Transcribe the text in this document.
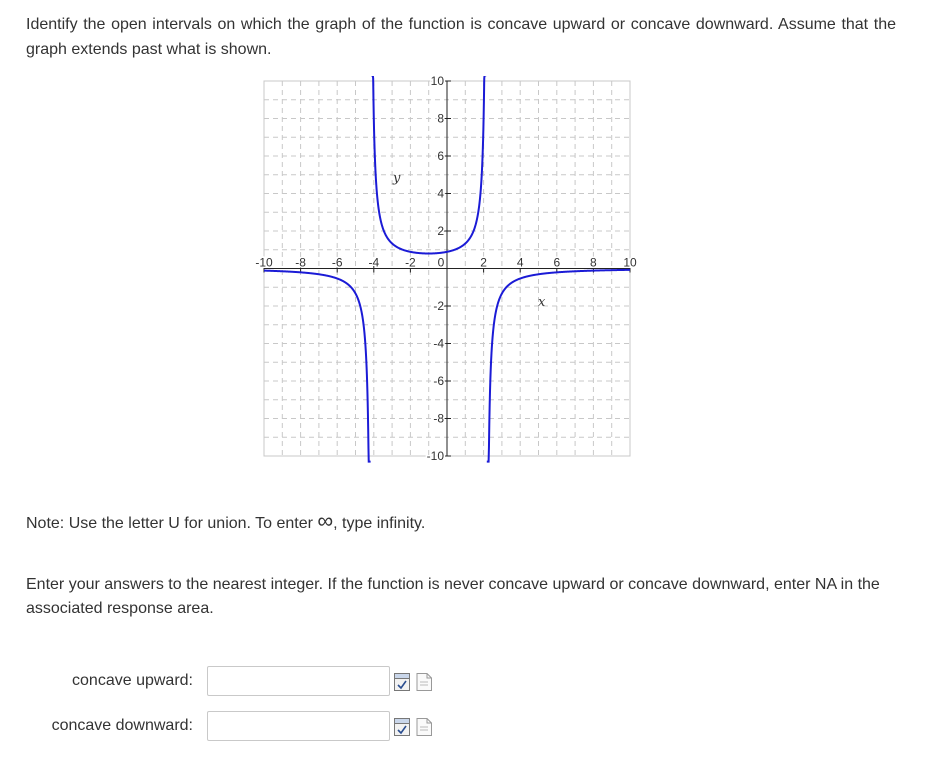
Identify the open intervals on which the graph of the function is concave upward or concave downward. Assume that the graph extends past what is shown.
-10 -8 -6 -4 -2 0	2 4 6 8 10
10
8
6
4
2
-2
-4
-6
-8
-10
x
y
Note: Use the letter U for union. To enter ∞, type infinity.
Enter your answers to the nearest integer. If the function is never concave upward or concave downward, enter NA in the associated response area.
concave upward:
concave downward:
